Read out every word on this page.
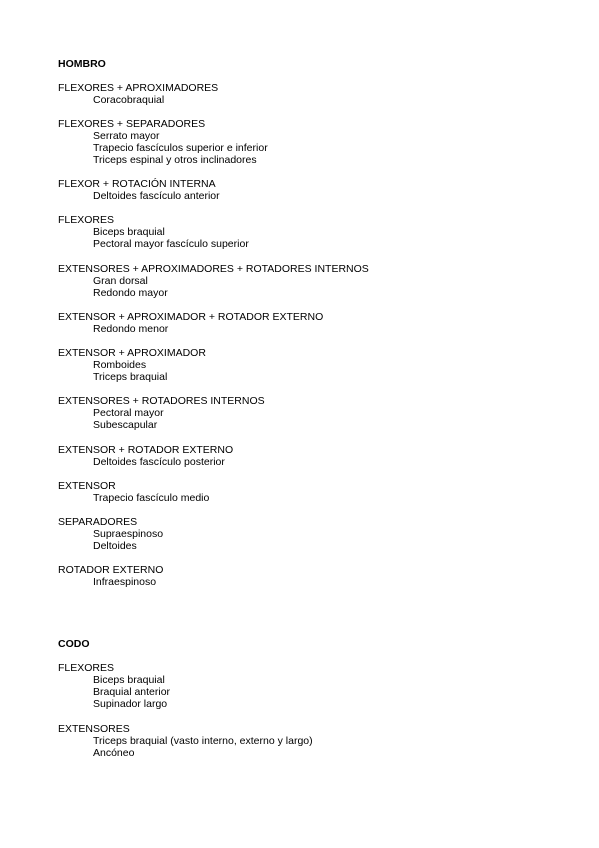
HOMBRO
FLEXORES + APROXIMADORES
Coracobraquial
FLEXORES + SEPARADORES
Serrato mayor
Trapecio fascículos superior e inferior
Triceps espinal y otros inclinadores
FLEXOR + ROTACIÓN INTERNA
Deltoides fascículo anterior
FLEXORES
Biceps braquial
Pectoral mayor fascículo superior
EXTENSORES + APROXIMADORES + ROTADORES INTERNOS
Gran dorsal
Redondo mayor
EXTENSOR + APROXIMADOR + ROTADOR EXTERNO
Redondo menor
EXTENSOR + APROXIMADOR
Romboides
Triceps braquial
EXTENSORES + ROTADORES INTERNOS
Pectoral mayor
Subescapular
EXTENSOR + ROTADOR EXTERNO
Deltoides fascículo posterior
EXTENSOR
Trapecio fascículo medio
SEPARADORES
Supraespinoso
Deltoides
ROTADOR EXTERNO
Infraespinoso
CODO
FLEXORES
Biceps braquial
Braquial anterior
Supinador largo
EXTENSORES
Triceps braquial (vasto interno, externo y largo)
Ancóneo
